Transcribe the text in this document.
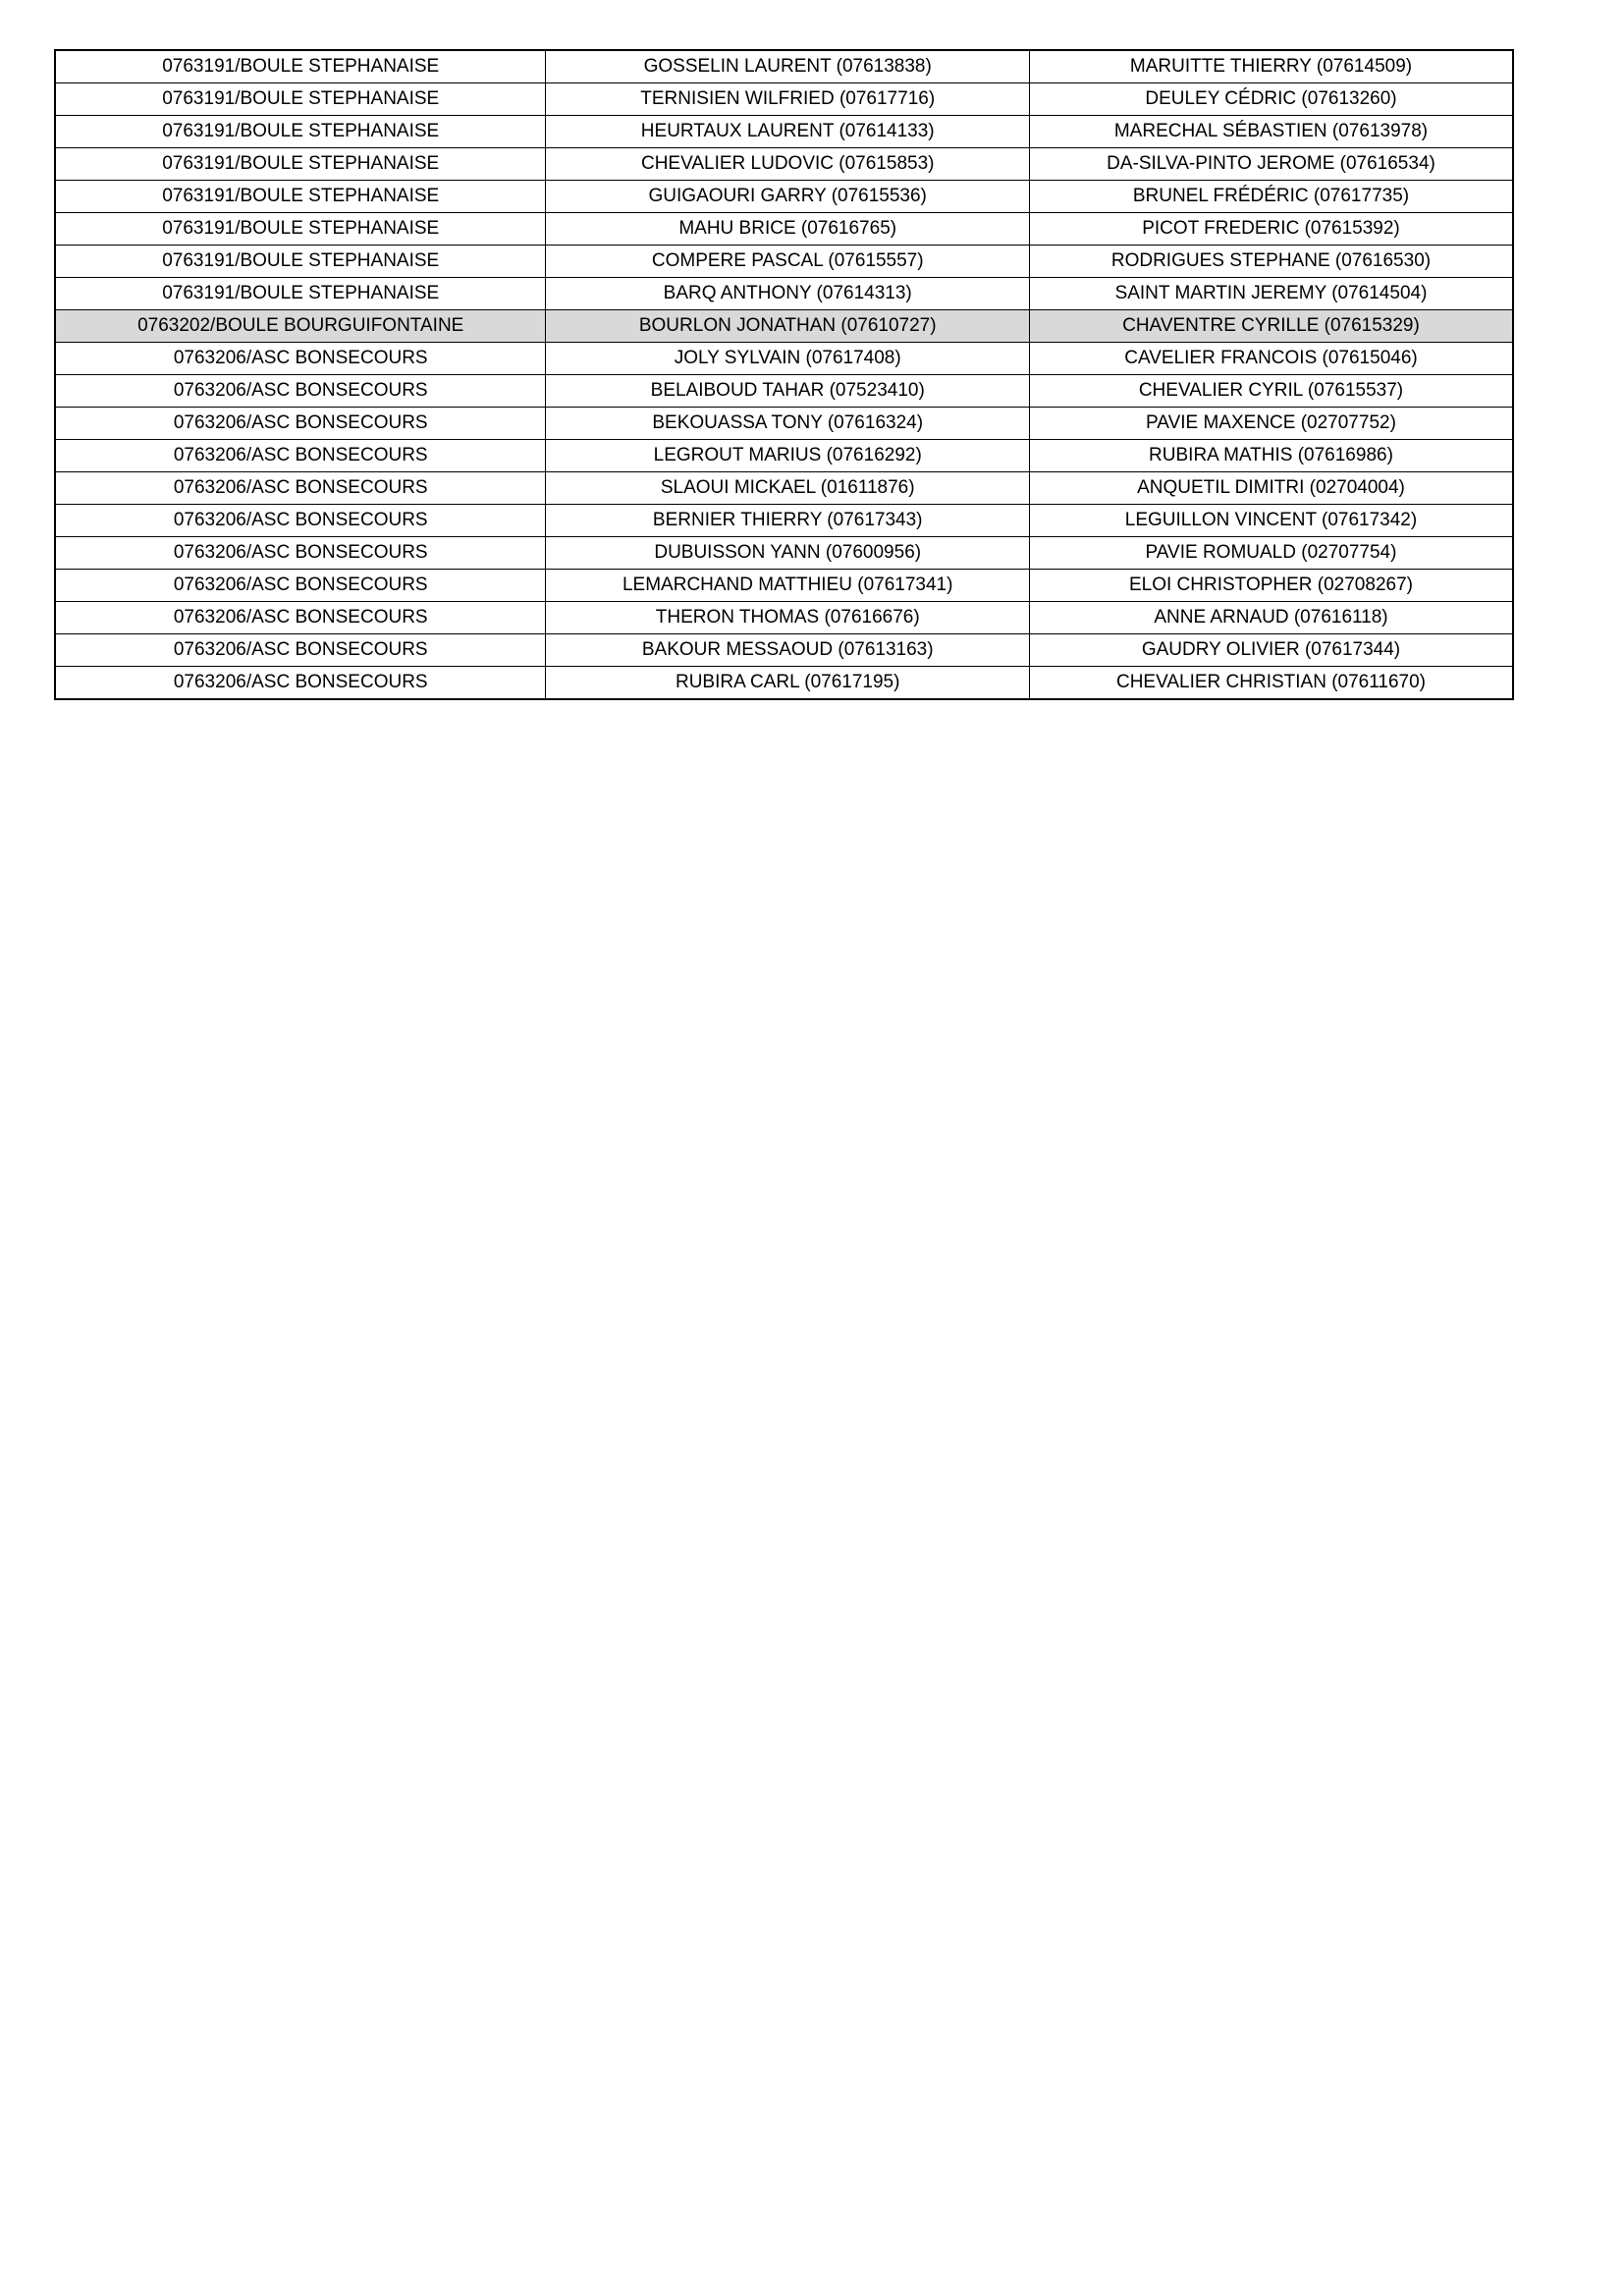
0763191/BOULE STEPHANAISE	GOSSELIN LAURENT (07613838)	MARUITTE THIERRY (07614509)
0763191/BOULE STEPHANAISE	TERNISIEN WILFRIED (07617716)	DEULEY CÉDRIC (07613260)
0763191/BOULE STEPHANAISE	HEURTAUX LAURENT (07614133)	MARECHAL SÉBASTIEN (07613978)
0763191/BOULE STEPHANAISE	CHEVALIER LUDOVIC (07615853)	DA-SILVA-PINTO JEROME (07616534)
0763191/BOULE STEPHANAISE	GUIGAOURI GARRY (07615536)	BRUNEL FRÉDÉRIC (07617735)
0763191/BOULE STEPHANAISE	MAHU BRICE (07616765)	PICOT FREDERIC (07615392)
0763191/BOULE STEPHANAISE	COMPERE PASCAL (07615557)	RODRIGUES STEPHANE (07616530)
0763191/BOULE STEPHANAISE	BARQ ANTHONY (07614313)	SAINT MARTIN JEREMY (07614504)
0763202/BOULE BOURGUIFONTAINE	BOURLON JONATHAN (07610727)	CHAVENTRE CYRILLE (07615329)
0763206/ASC BONSECOURS	JOLY SYLVAIN (07617408)	CAVELIER FRANCOIS (07615046)
0763206/ASC BONSECOURS	BELAIBOUD TAHAR (07523410)	CHEVALIER CYRIL (07615537)
0763206/ASC BONSECOURS	BEKOUASSA TONY (07616324)	PAVIE MAXENCE (02707752)
0763206/ASC BONSECOURS	LEGROUT MARIUS (07616292)	RUBIRA MATHIS (07616986)
0763206/ASC BONSECOURS	SLAOUI MICKAEL (01611876)	ANQUETIL DIMITRI (02704004)
0763206/ASC BONSECOURS	BERNIER THIERRY (07617343)	LEGUILLON VINCENT (07617342)
0763206/ASC BONSECOURS	DUBUISSON YANN (07600956)	PAVIE ROMUALD (02707754)
0763206/ASC BONSECOURS	LEMARCHAND MATTHIEU (07617341)	ELOI CHRISTOPHER (02708267)
0763206/ASC BONSECOURS	THERON THOMAS (07616676)	ANNE ARNAUD (07616118)
0763206/ASC BONSECOURS	BAKOUR MESSAOUD (07613163)	GAUDRY OLIVIER (07617344)
0763206/ASC BONSECOURS	RUBIRA CARL (07617195)	CHEVALIER CHRISTIAN (07611670)
